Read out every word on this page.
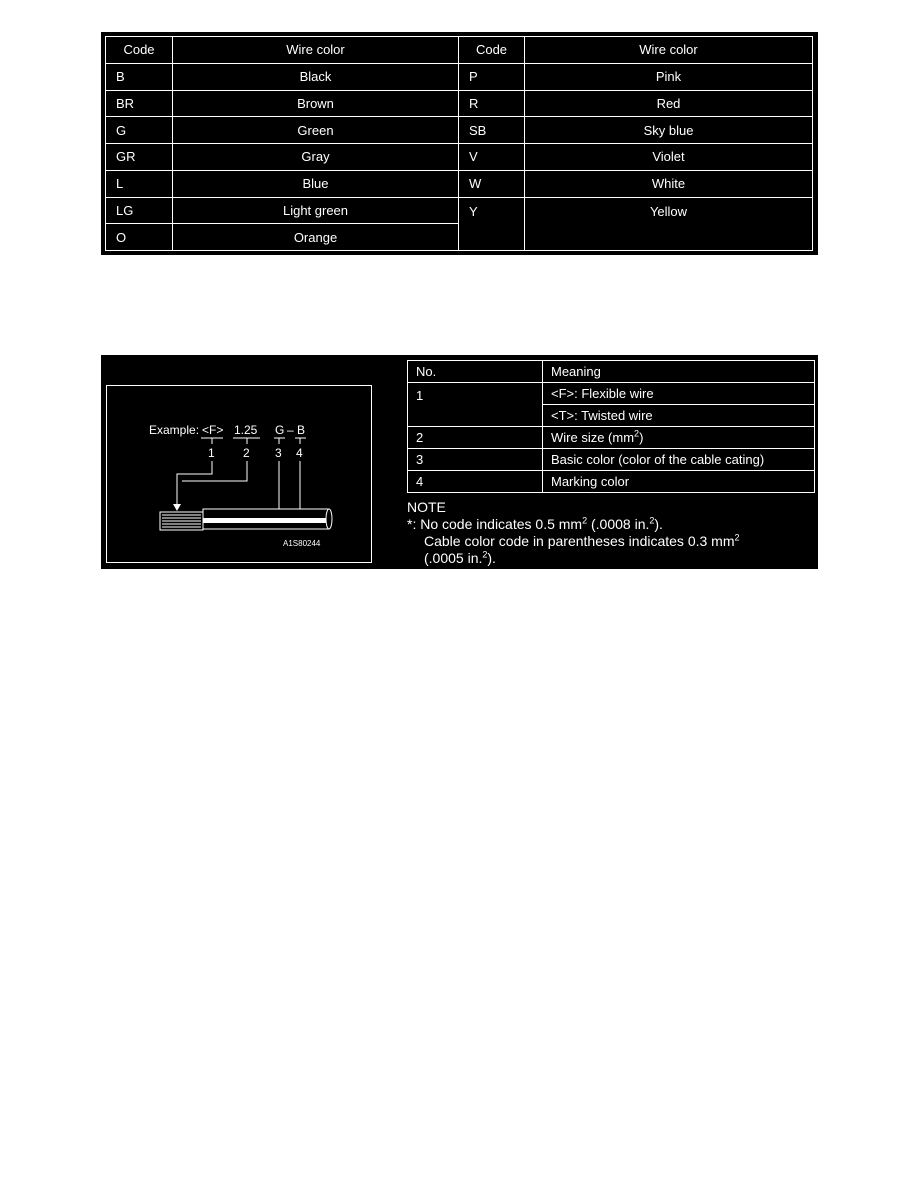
Code	Wire color	Code	Wire color
B	Black	P	Pink
BR	Brown	R	Red
G	Green	SB	Sky blue
GR	Gray	V	Violet
L	Blue	W	White
LG	Light green	Y	Yellow
O	Orange		
Example: <F> 1.25 G – B
1 2 3 4
A1S80244
No.	Meaning
1	<F>: Flexible wire
	<T>: Twisted wire
2	Wire size $(mm^2)$
3	Basic color (color of the cable cating)
4	Marking color
NOTE
*: No code indicates 0.5 $mm^2$ (.0008 in.$^2$).
Cable color code in parentheses indicates 0.3 $mm^2$
(.0005 in.$^2$).
